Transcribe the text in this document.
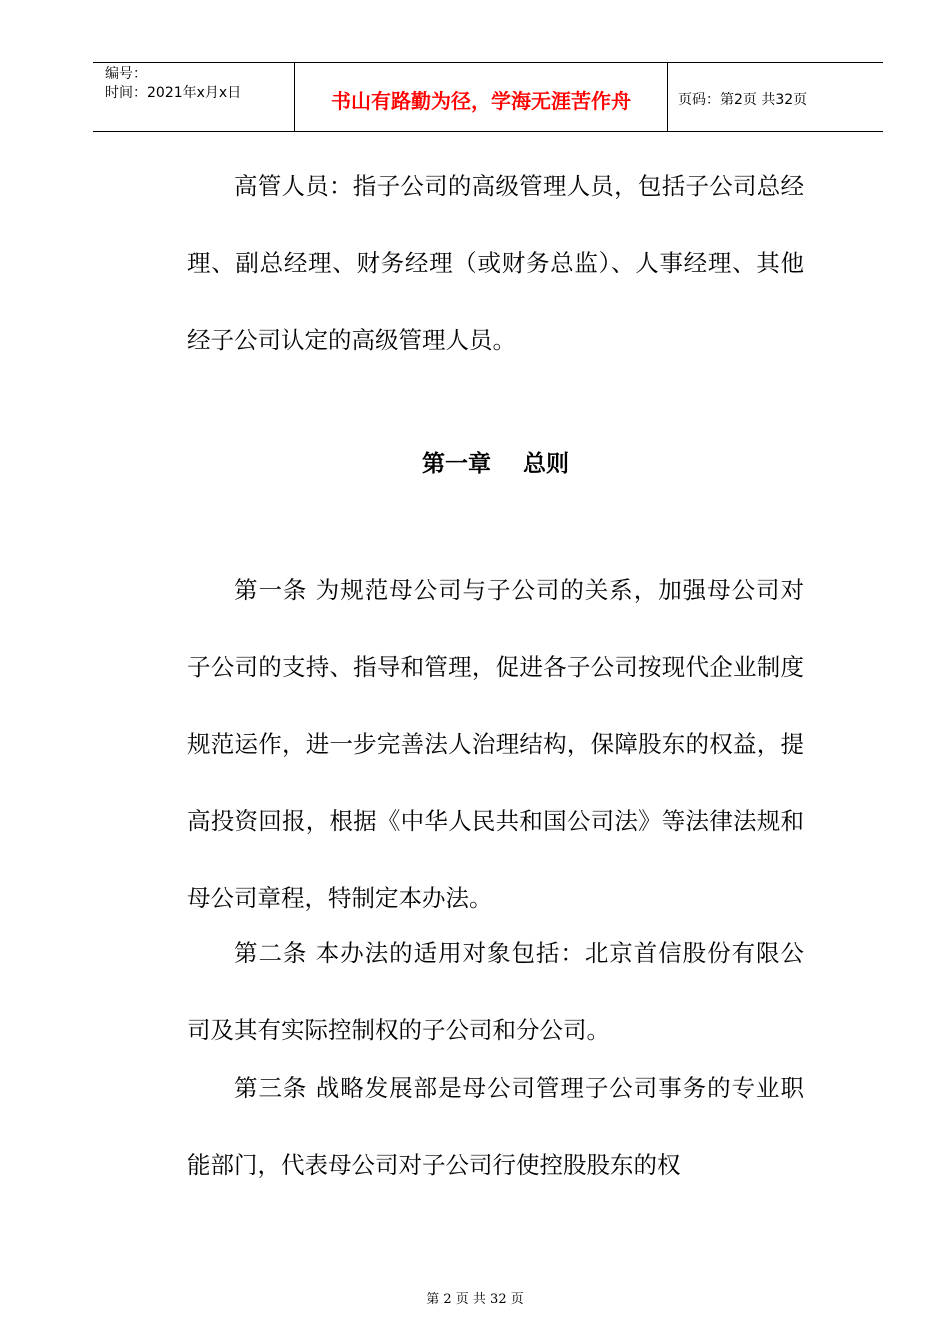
编号：
时间：2021年x月x日	书山有路勤为径，学海无涯苦作舟	页码：第2页 共32页

高管人员：指子公司的高级管理人员，包括子公司总经理、副总经理、财务经理（或财务总监）、人事经理、其他经子公司认定的高级管理人员。

第一章    总则

第一条 为规范母公司与子公司的关系，加强母公司对子公司的支持、指导和管理，促进各子公司按现代企业制度规范运作，进一步完善法人治理结构，保障股东的权益，提高投资回报，根据《中华人民共和国公司法》等法律法规和母公司章程，特制定本办法。

第二条 本办法的适用对象包括：北京首信股份有限公司及其有实际控制权的子公司和分公司。

第三条 战略发展部是母公司管理子公司事务的专业职能部门，代表母公司对子公司行使控股股东的权

第 2 页 共 32 页
